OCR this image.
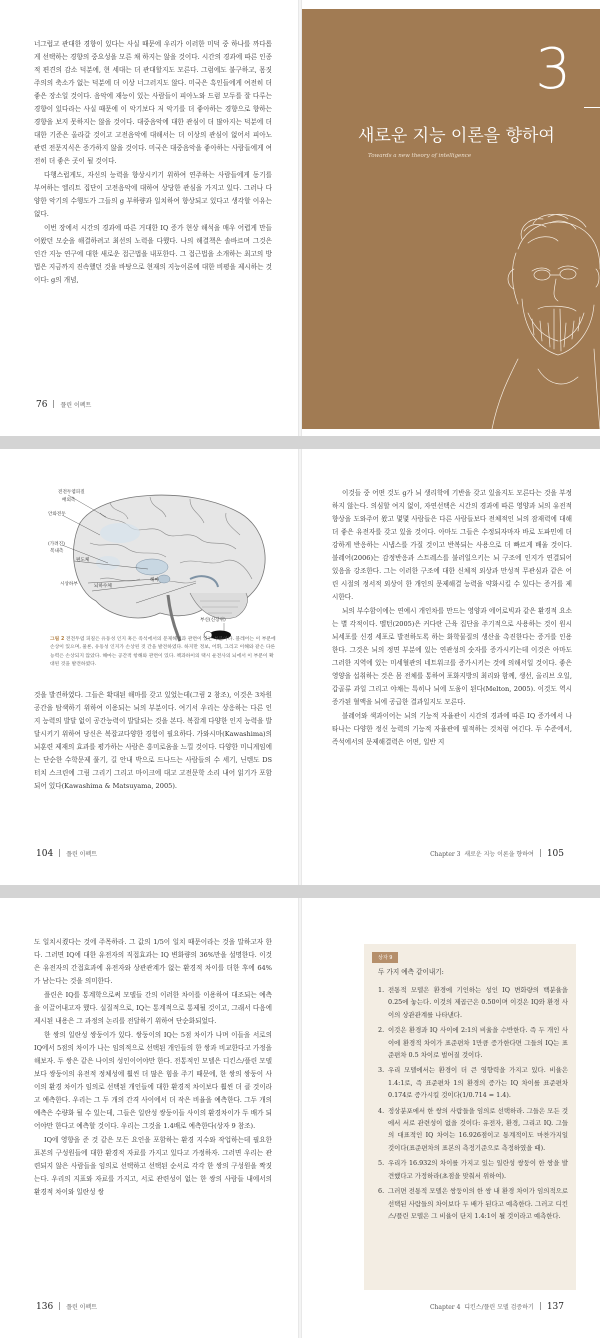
너그럽고 관대한 경향이 있다는 사실 때문에 우리가 이러한 미덕 중 하나를 까다롭게 선택하는 경향의 중요성을 모른 채 하지는 않을 것이다. 시간의 경과에 따른 인종적 편견의 감소 덕분에, 현 세대는 더 관대할지도 모른다. 그럼에도 불구하고, 몸짓주의의 축소가 없는 덕분에 더 이상 너그러지도 않다. 미국은 흑인들에게 여전히 더 좋은 장소일 것이다. 음악에 재능이 있는 사람들이 피아노와 드럼 모두를 잘 다루는 경향이 있다라는 사실 때문에 이 악기보다 저 악기를 더 좋아하는 경향으로 향하는 경향을 보지 못하지는 않을 것이다. 대중음악에 대한 관심이 더 많아지는 덕분에 더 대한 기준은 올라갈 것이고 고전음악에 대해서는 더 이상의 관심이 없어서 피아노 관련 전문지식은 증가하지 않을 것이다. 미국은 대중음악을 좋아하는 사람들에게 여전히 더 좋은 곳이 될 것이다.

다행스럽게도, 자신의 능력을 향상시키기 위하여 연주하는 사람들에게 동기를 부여하는 엘리트 집단이 고전음악에 대하여 상당한 관심을 가지고 있다. 그러나 다양한 악기의 수행도가 그들의 g 부하량과 일치하여 향상되고 있다고 생각할 이유는 없다.

이번 장에서 시간의 경과에 따른 거대한 IQ 증가 현상 해석을 매우 어렵게 만들어왔던 모순을 해결하려고 최선의 노력을 다했다. 나의 해결책은 솔바르며 그것은 인간 지능 연구에 대한 새로운 접근법을 내포한다. 그 접근법을 소개하는 최고의 방법은 지금까지 진속했던 것을 바탕으로 현재의 지능이론에 대한 비평을 제시하는 것이다: g의 개념,

76 플린 이펙트
3
새로운 지능 이론을 향하여
Towards a new theory of intelligence
전전두엽피질
배외측
안와전두
(가려진)
복내측
편도체
시상하부	뇌하수체
해마
부신(신장위)
그림 2 전전두엽 피질은 유동성 인지 혹은 즉석에서의 문제해결과 관련이 있는 부분이다. 블레어는 이 부분에 손상이 있으며, 물론, 유동성 인지가 손상된 것 간을 발견하였다. 하지만 정보, 어휘, 그리고 이해와 같은 다른 능력은 손상되지 않았다. 해마는 공간적 항해와 관련이 있다. 책과하이의 택시 운전사의 뇌에서 이 부분이 확대된 것을 발견하였다.

것을 발견하였다. 그들은 확대된 해마를 갖고 있었는데(그림 2 참조), 이것은 3차원 공간을 탐색하기 위하여 이용되는 뇌의 부분이다. 여기서 우리는 상응하는 다른 인지 능력의 발달 없이 공간능력이 발달되는 것을 본다. 복잡계 다양한 인지 능력을 발달시키기 위하여 당신은 복잡교다양한 경험이 필요하다. 가와시마(Kawashima)의 뇌훈련 제재의 효과를 평가하는 사람은 흥미로움을 느낄 것이다. 다양한 미니게임에는 단순한 수학문제 풀기, 길 안내 박으로 드나드는 사람들의 수 세기, 닌텐도 DS 터치 스크린에 그림 그리기 그리고 마이크에 대고 고전문학 소리 내어 읽기가 포함되어 있다(Kawashima & Matsuyama, 2005).

104 플린 이펙트

이것들 중 어떤 것도 g가 뇌 생리학에 기반을 갖고 있을지도 모른다는 것을 부정하지 않는다. 의심할 여지 없이, 자연선택은 시간의 경과에 따른 영양과 뇌의 유전적 향상을 도와주어 왔고 몇몇 사람들은 다른 사람들보다 전체적인 뇌의 잠재력에 대해 더 좋은 유전자를 갖고 있을 것이다. 아마도 그들은 수정되자마자 바로 도파민에 더 강하게 반응하는 시냅스를 가질 것이고 반복되는 사용으로 더 빠르게 배울 것이다. 블레어(2006)는 감정반응과 스트레스를 불러일으키는 뇌 구조에 인지가 연결되어 있음을 강조한다. 그는 이러한 구조에 대한 신체적 외상과 만성적 무관심과 같은 어린 시절의 정서적 외상이 한 개인의 문제해결 능력을 약화시킬 수 있다는 증거를 제시한다.

뇌의 부수함이에는 연예시 개인차를 만드는 영양과 에어로빅과 같은 환경적 요소는 별 각적이다. 멜턴(2005)은 커다란 근육 집단을 주기적으로 사용하는 것이 원시 뇌세포를 신경 세포로 발전하도록 하는 화학물질의 생산을 촉진한다는 증거를 인용한다. 그것은 뇌의 정면 부분에 있는 연관성의 숫자를 증가시키는데 이것은 아마도 그러한 지역에 있는 미세혈관의 네트워크를 증가시키는 것에 의해서일 것이다. 좋은 영양을 섭취하는 것은 몸 전체를 통하여 포화지방의 최리와 함께, 생선, 올리브 오일, 갑골류 과일 그리고 야채는 특히나 뇌에 도움이 된다(Melton, 2005). 이것도 역시 증가된 혈액을 뇌에 공급한 결과일지도 모른다.

블레어와 색과이어는 뇌의 기능적 자율관이 시간의 경과에 따른 IQ 증가에서 나타나는 다양한 정신 능력의 기능적 자율관에 필적하는 것처럼 여긴다. 두 수준에서, 즉석에서의 문제해결력은 어떤, 일반 지

Chapter 3 새로운 지능 이론을 향하여 105

도 일치시켰다는 것에 주목하라. 그 값의 1/5이 일치 때문이라는 것을 말하고자 한다. 그러면 IQ에 대한 유전자의 직접효과는 IQ 변화량의 36%만을 설명한다. 이것은 유전자의 간접효과에 유전자와 상관관계가 없는 환경적 차이를 더한 후에 64%가 남는다는 것을 의미한다.

플린은 IQ를 통계학으로써 모델들 간의 이러한 차이를 이용하여 대조되는 예측을 이끌어내고자 했다. 실질적으로, IQ는 통계적으로 통제될 것이고, 그래서 다음에 제시된 내용은 그 과정의 논리를 전달하기 위하여 단순화되었다.

한 쌍의 일란성 쌍둥이가 있다. 쌍둥이의 IQ는 5점 차이가 나며 이들을 서로의 IQ에서 5점의 차이가 나는 임의적으로 선택된 개인들의 한 쌍과 비교한다고 가정을 해보자. 두 쌍은 같은 나이의 성인이어야만 한다. 전통적인 모델은 디킨스/플린 모델보다 쌍둥이의 유전적 정체성에 훨씬 더 많은 힘을 주기 때문에, 한 쌍의 쌍둥이 사이의 환경 차이가 임의로 선택된 개인들에 대한 환경적 차이보다 훨씬 더 클 것이라고 예측한다. 우리는 그 두 개의 간격 사이에서 더 작은 비율을 예측한다. 그두 개의 예측은 수량화 될 수 있는데, 그들은 일란성 쌍둥이들 사이의 환경차이가 두 배가 되어야만 한다고 예측할 것이다. 우리는 그것을 1.4배로 예측한다(상자 9 참조).

IQ에 영향을 준 것 같은 모든 요인을 포함하는 환경 지수와 작업하는데 필요한 표본의 구성원들에 대한 환경적 자료를 가지고 있다고 가정하자. 그러면 우리는 관련되지 않은 사람들을 임의로 선택하고 선택된 순서로 각각 한 쌍의 구성원을 짝짓는다. 우리의 지표와 자료를 가지고, 서로 관련성이 없는 한 쌍의 사람들 내에서의 환경적 차이와 일란성 쌍

136 플린 이펙트
상자 9
두 가지 예측 같이내기:
1. 전통적 모델은 환경에 기인하는 성인 IQ 변화량의 백분율을 0.25에 놓는다. 이것의 제곱근은 0.50이며 이것은 IQ와 환경 사이의 상관관계를 나타낸다.
2. 이것은 환경과 IQ 사이에 2:1의 비율을 수반한다. 즉 두 개인 사이에 환경적 차이가 표준편차 1만큼 증가한다면 그들의 IQ는 표준편차 0.5 차이로 벌어질 것이다.
3. 우리 모델에서는 환경이 더 큰 영향력을 가지고 있다. 비율은 1.4:1로, 즉 표준편차 1의 환경의 증가는 IQ 차이를 표준편차 0.174로 증가시킬 것이다(1/0.714 = 1.4).
4. 정상분포에서 한 쌍의 사람들을 임의로 선택하라. 그들은 모든 것에서 서로 관련성이 없을 것이다: 유전자, 환경, 그리고 IQ. 그들의 대표적인 IQ 차이는 16.926점이고 통계적이도 마찬가지일 것이다(표준편차의 표본의 측정기준으로 측정하였을 때).
5. 우리가 16.932의 차이를 가지고 있는 일란성 쌍둥이 한 쌍을 발견했다고 가정하라(초점을 맞춰서 위하여).
6. 그러면 전통적 모델은 쌍둥이의 한 쌍 내 환경 차이가 임의적으로 선택된 사람들의 차이보다 두 배가 된다고 예측한다. 그러고 디킨스/플린 모델은 그 비율이 단지 1.4:1이 될 것이라고 예측한다.
Chapter 4 디킨스/플린 모델 검증하기 137
